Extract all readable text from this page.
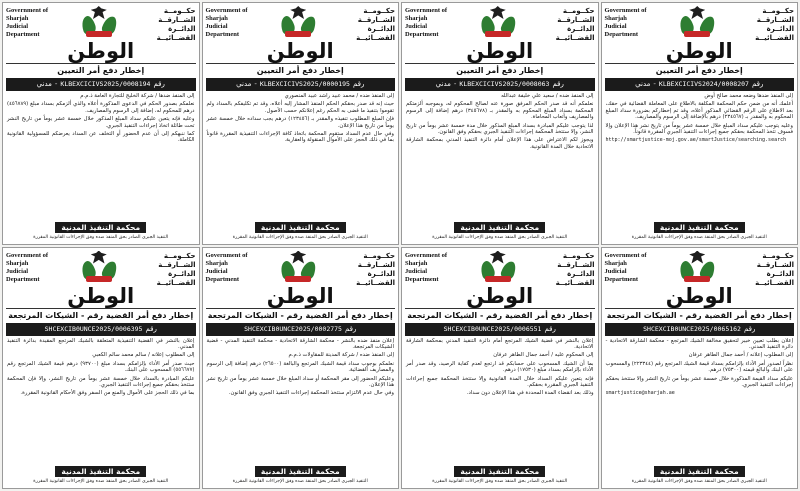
Government of Sharjah
Judicial Department
حكــومــة الشــارقــة
الدائــرة القضــائيــة
الوطن
إخطار دفع أمر التعيين
رقم
KLBEXCICIVS2024/0008207
-
مدني

إلى المنفذ ضدها وضعه محمد صالح أوض

أعلمك أنه من ضمن حكم المحكمة المكلفة بالاطلاع على المعاملة القضائية في حقك، بعد الاطلاع على الرقم القضائي المذكور أعلاه، وقد تم إخطاركم بضرورة سداد المبلغ المحكوم به والمقدر بـ (٢٣٤٥٦٧) درهم بالإضافة إلى الرسوم والمصاريف.

وعليه يتوجب عليكم سداد المبلغ خلال خمسة عشر يوماً من تاريخ نشر هذا الإعلان وإلا فسوف تتخذ المحكمة بحقكم جميع إجراءات التنفيذ الجبري المقررة قانوناً.

http://smartjustice-moj.gov.ae/smartJustice/searching.search

محكمة التنفيذ المدنية
التنفيذ الجبري الصادر بحق المنفذ ضده وفق الإجراءات القانونية المقررة
Government of Sharjah
Judicial Department
حكــومــة الشــارقــة
الدائــرة القضــائيــة
الوطن
إخطار دفع أمر التعيين
رقم
KLBEXCICIVS2025/0008063
-
مدني

إلى المنفذ ضده / سعيد علي خليفة عبدالله

نعلمكم أنه قد صدر الحكم المرفق صورة عنه لصالح المحكوم له، وبموجبه ألزمتكم المحكمة بسداد المبلغ المحكوم به والمقدر بـ (٣٤٥٦٧٨) درهم إضافة إلى الرسوم والمصاريف وأتعاب المحاماة.

لذا يتوجب عليكم المبادرة بسداد المبلغ المذكور خلال مدة خمسة عشر يوماً من تاريخ النشر، وإلا ستتخذ المحكمة إجراءات التنفيذ الجبري بحقكم وفق القانون.

ويجوز لكم الاعتراض على هذا الإعلان أمام دائرة التنفيذ المدني بمحكمة الشارقة الاتحادية خلال المدة القانونية.

محكمة التنفيذ المدنية
التنفيذ الجبري الصادر بحق المنفذ ضده وفق الإجراءات القانونية المقررة
Government of Sharjah
Judicial Department
حكــومــة الشــارقــة
الدائــرة القضــائيــة
الوطن
إخطار دفع أمر التعيين
رقم
KLBEXCICIVS2025/0000195
-
مدني

إلى المنفذ ضده / محمد عبيد راشد عبيد المنصوري

حيث إنه قد صدر بحقكم الحكم المنفذ المشار إليه أعلاه، وقد تم تكليفكم بالسداد ولم تقوموا بتنفيذ ما قضى به الحكم رغم إعلانكم حسب الأصول.

فإن المبلغ المطلوب تنفيذه والمقدر بـ (١٢٣٤٥٦) درهم يجب سداده خلال خمسة عشر يوماً من تاريخ هذا الإعلان.

وفي حال عدم السداد ستقوم المحكمة باتخاذ كافة الإجراءات التنفيذية المقررة قانوناً بما في ذلك الحجز على الأموال المنقولة والعقارية.

محكمة التنفيذ المدنية
التنفيذ الجبري الصادر بحق المنفذ ضده وفق الإجراءات القانونية المقررة
Government of Sharjah
Judicial Department
حكــومــة الشــارقــة
الدائــرة القضــائيــة
الوطن
إخطار دفع أمر التعيين
رقم
KLBEXCICIVS2025/0008194
-
مدني

إلى المنفذ ضدها / شركة الخليج للتجارة العامة ذ.م.م

نعلمكم بصدور الحكم في الدعوى المذكورة أعلاه والذي ألزمكم بسداد مبلغ (٤٥٦٧٨٩) درهم للمحكوم له، إضافة إلى الرسوم والمصاريف.

وعليه فإنه يتعين عليكم سداد المبلغ المذكور خلال خمسة عشر يوماً من تاريخ النشر تحت طائلة اتخاذ إجراءات التنفيذ الجبري.

كما ننبهكم إلى أن عدم الحضور أو التخلف عن السداد يعرضكم للمسؤولية القانونية الكاملة.

محكمة التنفيذ المدنية
التنفيذ الجبري الصادر بحق المنفذ ضده وفق الإجراءات القانونية المقررة
Government of Sharjah
Judicial Department
حكــومــة الشــارقــة
الدائــرة القضــائيــة
الوطن
إخطار دفع أمر القضية رقم - الشيكات المرتجعة
رقم
SHCEXCIB0UNCE2025/0065162

إعلان بطلب تعيين خبير لتحقيق مخالفة الشيك المرتجع - محكمة الشارقة الاتحادية - دائرة التنفيذ المدني.

إلى المطلوب إعلانه / أحمد جمال الطاهر عرفان

نظراً لصدور أمر الأداء بإلزامكم بسداد قيمة الشيك المرتجع رقم (٢٢٣٣٤٤) والمسحوب على البنك والبالغ قيمته (٧٥٣٠٠) درهم.

عليكم سداد القيمة المذكورة خلال خمسة عشر يوماً من تاريخ النشر وإلا ستتخذ بحقكم إجراءات التنفيذ الجبري.

smartjustice@sharjah.ae

محكمة التنفيذ المدنية
التنفيذ الجبري الصادر بحق المنفذ ضده وفق الإجراءات القانونية المقررة
Government of Sharjah
Judicial Department
حكــومــة الشــارقــة
الدائــرة القضــائيــة
الوطن
إخطار دفع أمر القضية رقم - الشيكات المرتجعة
رقم
SHCEXCIB0UNCE2025/0006551

إعلان بالنشر في قضية الشيك المرتجع أمام دائرة التنفيذ المدني بمحكمة الشارقة الاتحادية.

إلى المحكوم عليه / أحمد جمال الطاهر عرفان

بما أن الشيك المسحوب على حسابكم قد ارتجع لعدم كفاية الرصيد، وقد صدر أمر الأداء بإلزامكم بسداد مبلغ (١٧٥٣٠) درهم.

فإنه يتعين عليكم السداد خلال المدة القانونية وإلا ستتخذ المحكمة جميع إجراءات التنفيذ الجبري المقررة بحقكم.

وذلك بعد انقضاء المدة المحددة في هذا الإعلان دون سداد.

محكمة التنفيذ المدنية
التنفيذ الجبري الصادر بحق المنفذ ضده وفق الإجراءات القانونية المقررة
Government of Sharjah
Judicial Department
حكــومــة الشــارقــة
الدائــرة القضــائيــة
الوطن
إخطار دفع أمر القضية رقم - الشيكات المرتجعة
رقم
SHCEXCIB0UNCE2025/0002775

إعلان منفذ ضده بالنشر - محكمة الشارقة الاتحادية - محكمة التنفيذ المدني - قضية الشيكات المرتجعة.

إلى المنفذ ضده / شركة المدينة للمقاولات ذ.م.م

نعلمكم بوجوب سداد قيمة الشيك المرتجع والبالغة (٢٦٥٠٠) درهم إضافة إلى الرسوم والمصاريف القضائية.

وعليكم الحضور إلى مقر المحكمة أو سداد المبلغ خلال خمسة عشر يوماً من تاريخ نشر هذا الإعلان.

وفي حال عدم الالتزام ستتخذ المحكمة إجراءات التنفيذ الجبري وفق القانون.

محكمة التنفيذ المدنية
التنفيذ الجبري الصادر بحق المنفذ ضده وفق الإجراءات القانونية المقررة
Government of Sharjah
Judicial Department
حكــومــة الشــارقــة
الدائــرة القضــائيــة
الوطن
إخطار دفع أمر القضية رقم - الشيكات المرتجعة
رقم
SHCEXCIB0UNCE2025/0006395

إعلان بالنشر في القضية التنفيذية المتعلقة بالشيك المرتجع المقيدة بدائرة التنفيذ المدني.

إلى المطلوب إعلانه / سالم محمد سالم الكعبي

حيث صدر أمر الأداء بإلزامكم بسداد مبلغ (٩٣٧٠٠) درهم قيمة الشيك المرتجع رقم (٥٥٦٦٧٧) المسحوب على البنك.

عليكم المبادرة بالسداد خلال خمسة عشر يوماً من تاريخ النشر، وإلا فإن المحكمة ستتخذ بحقكم جميع إجراءات التنفيذ الجبري.

بما في ذلك الحجز على الأموال والمنع من السفر وفق الأحكام القانونية المقررة.

محكمة التنفيذ المدنية
التنفيذ الجبري الصادر بحق المنفذ ضده وفق الإجراءات القانونية المقررة
